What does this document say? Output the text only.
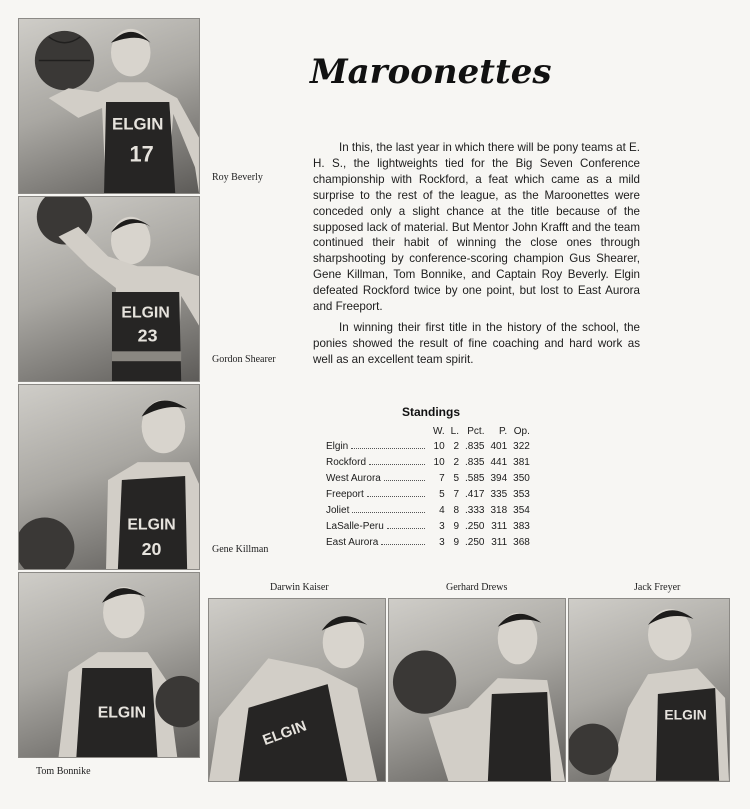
ELGIN
17
Roy Beverly
ELGIN
23
Gordon Shearer
ELGIN
20	Gene Killman
ELGIN
Tom Bonnike
Darwin Kaiser
ELGIN
Gerhard Drews	Jack Freyer
ELGIN
Maroonettes

In this, the last year in which there will be pony teams at E. H. S., the lightweights tied for the Big Seven Conference championship with Rockford, a feat which came as a mild surprise to the rest of the league, as the Maroonettes were conceded only a slight chance at the title because of the supposed lack of material. But Mentor John Krafft and the team continued their habit of winning the close ones through sharpshooting by conference-scoring champion Gus Shearer, Gene Killman, Tom Bonnike, and Captain Roy Beverly. Elgin defeated Rockford twice by one point, but lost to East Aurora and Freeport.

In winning their first title in the history of the school, the ponies showed the result of fine coaching and hard work as well as an excellent team spirit.

Standings
	W.	L.	Pct.	P.	Op.

Elgin	10	2	.835	401	322

Rockford	10	2	.835	441	381

West Aurora	7	5	.585	394	350

Freeport	5	7	.417	335	353

Joliet	4	8	.333	318	354

LaSalle-Peru	3	9	.250	311	383

East Aurora	3	9	.250	311	368
